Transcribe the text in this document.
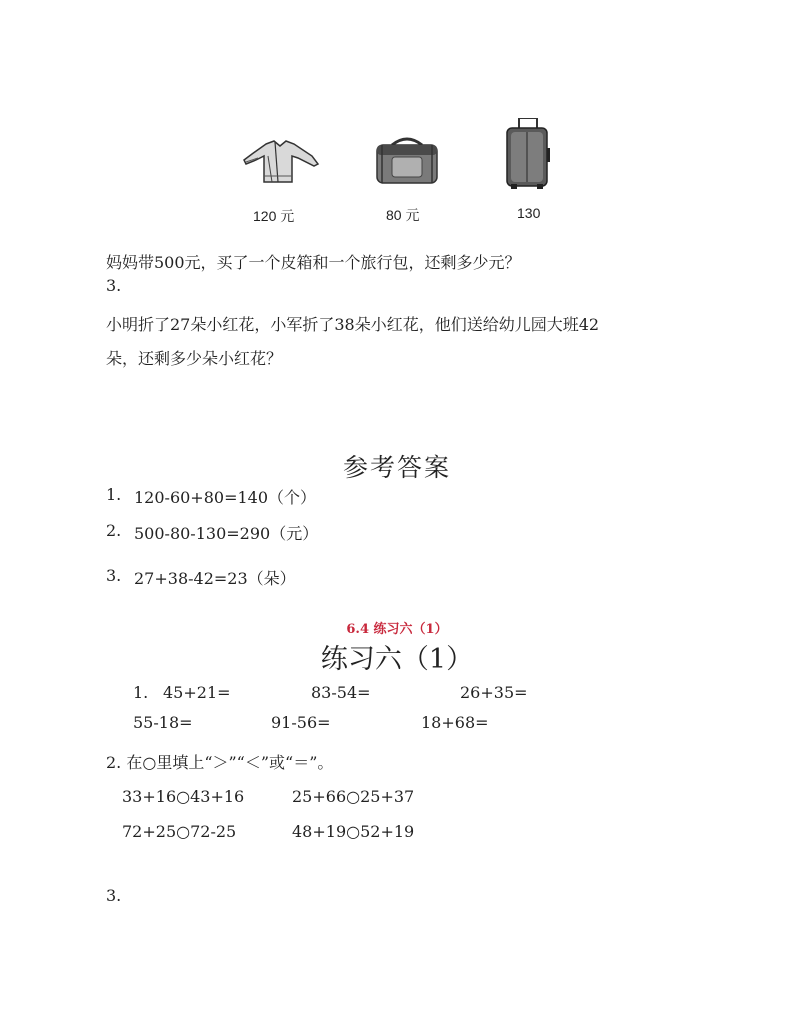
120 元	80 元	130
妈妈带500元，买了一个皮箱和一个旅行包，还剩多少元？
3.
小明折了27朵小红花，小军折了38朵小红花，他们送给幼儿园大班42
朵，还剩多少朵小红花？
参考答案
1. 120-60+80=140（个）
2. 500-80-130=290（元）
3. 27+38-42=23（朵）
6.4 练习六（1）
练习六（1）
1. 45+21=	83-54=	26+35=
55-18=	91-56=	18+68=
2. 在○里填上“＞”“＜”或“＝”。
33+16○43+16	25+66○25+37
72+25○72-25	48+19○52+19
3.
